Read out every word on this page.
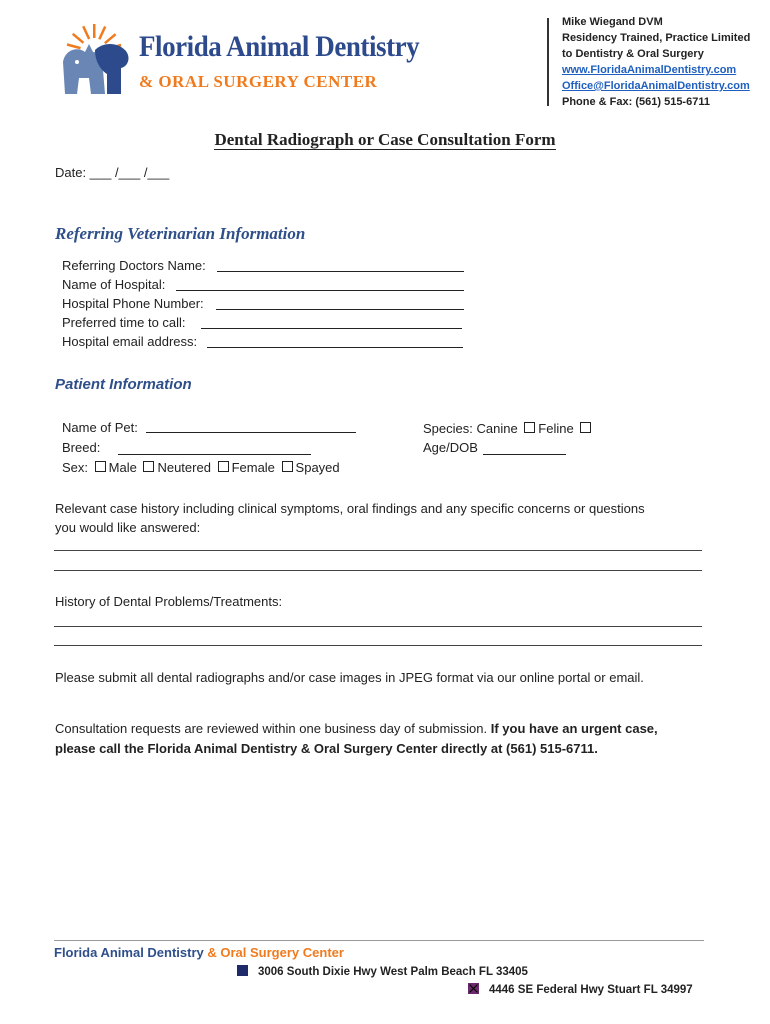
Florida Animal Dentistry
& ORAL SURGERY CENTER
Mike Wiegand DVM
Residency Trained, Practice Limited
to Dentistry & Oral Surgery
www.FloridaAnimalDentistry.com
Office@FloridaAnimalDentistry.com
Phone & Fax: (561) 515-6711
Dental Radiograph or Case Consultation Form
Date: ___ /___ /___
Referring Veterinarian Information
Referring Doctors Name:
Name of Hospital:
Hospital Phone Number:
Preferred time to call:
Hospital email address:
Patient Information
Name of Pet:
Breed:
Sex: Male Neutered Female Spayed
Species: Canine Feline
Age/DOB
Relevant case history including clinical symptoms, oral findings and any specific concerns or questions
you would like answered:
History of Dental Problems/Treatments:
Please submit all dental radiographs and/or case images in JPEG format via our online portal or email.
Consultation requests are reviewed within one business day of submission. If you have an urgent case,
please call the Florida Animal Dentistry & Oral Surgery Center directly at (561) 515-6711.
Florida Animal Dentistry & Oral Surgery Center
3006 South Dixie Hwy West Palm Beach FL 33405
4446 SE Federal Hwy Stuart FL 34997
